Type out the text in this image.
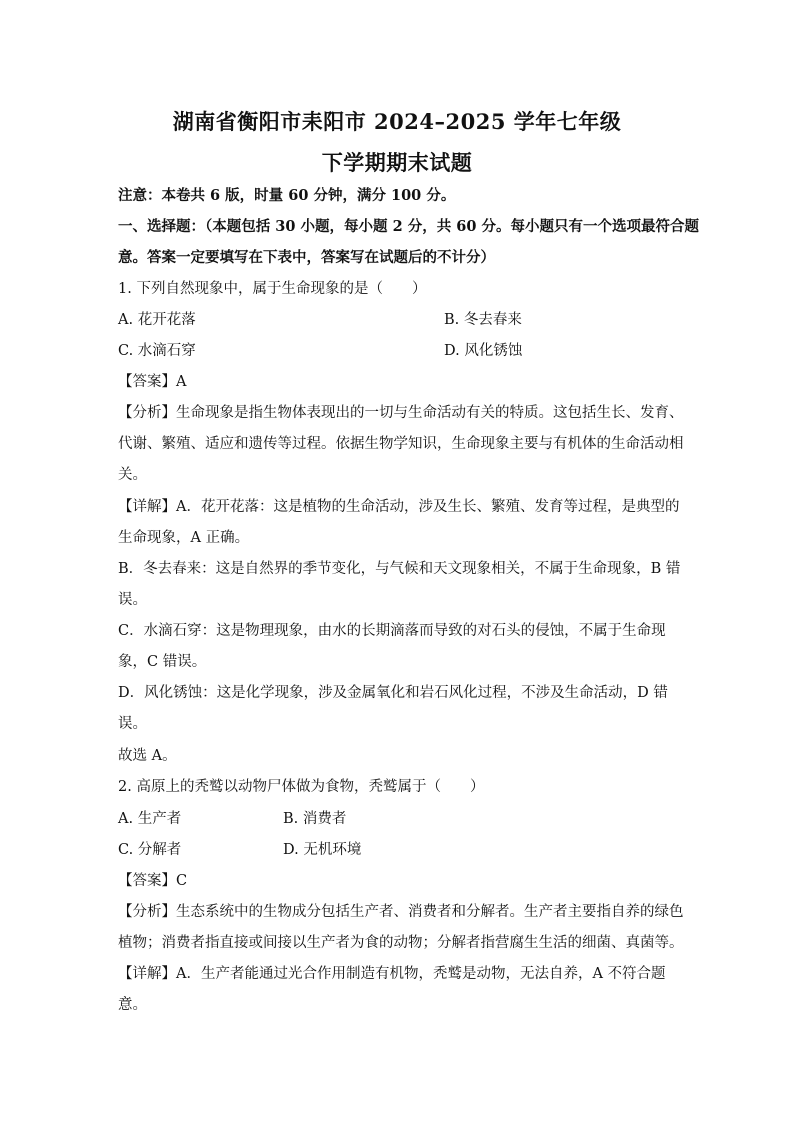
湖南省衡阳市耒阳市 2024–2025 学年七年级
下学期期末试题
注意：本卷共 6 版，时量 60 分钟，满分 100 分。
一、选择题：（本题包括 30 小题，每小题 2 分，共 60 分。每小题只有一个选项最符合题
意。答案一定要填写在下表中，答案写在试题后的不计分）
1. 下列自然现象中，属于生命现象的是（　　）
A. 花开花落	B. 冬去春来
C. 水滴石穿	D. 风化锈蚀
【答案】A
【分析】生命现象是指生物体表现出的一切与生命活动有关的特质。这包括生长、发育、
代谢、繁殖、适应和遗传等过程。依据生物学知识，生命现象主要与有机体的生命活动相
关。
【详解】A．花开花落：这是植物的生命活动，涉及生长、繁殖、发育等过程，是典型的
生命现象，A 正确。
B．冬去春来：这是自然界的季节变化，与气候和天文现象相关，不属于生命现象，B 错
误。
C．水滴石穿：这是物理现象，由水的长期滴落而导致的对石头的侵蚀，不属于生命现
象，C 错误。
D．风化锈蚀：这是化学现象，涉及金属氧化和岩石风化过程，不涉及生命活动，D 错
误。
故选 A。
2. 高原上的秃鹫以动物尸体做为食物，秃鹫属于（　　）
A. 生产者	B. 消费者
C. 分解者	D. 无机环境
【答案】C
【分析】生态系统中的生物成分包括生产者、消费者和分解者。生产者主要指自养的绿色
植物；消费者指直接或间接以生产者为食的动物；分解者指营腐生生活的细菌、真菌等。
【详解】A．生产者能通过光合作用制造有机物，秃鹫是动物，无法自养，A 不符合题
意。
